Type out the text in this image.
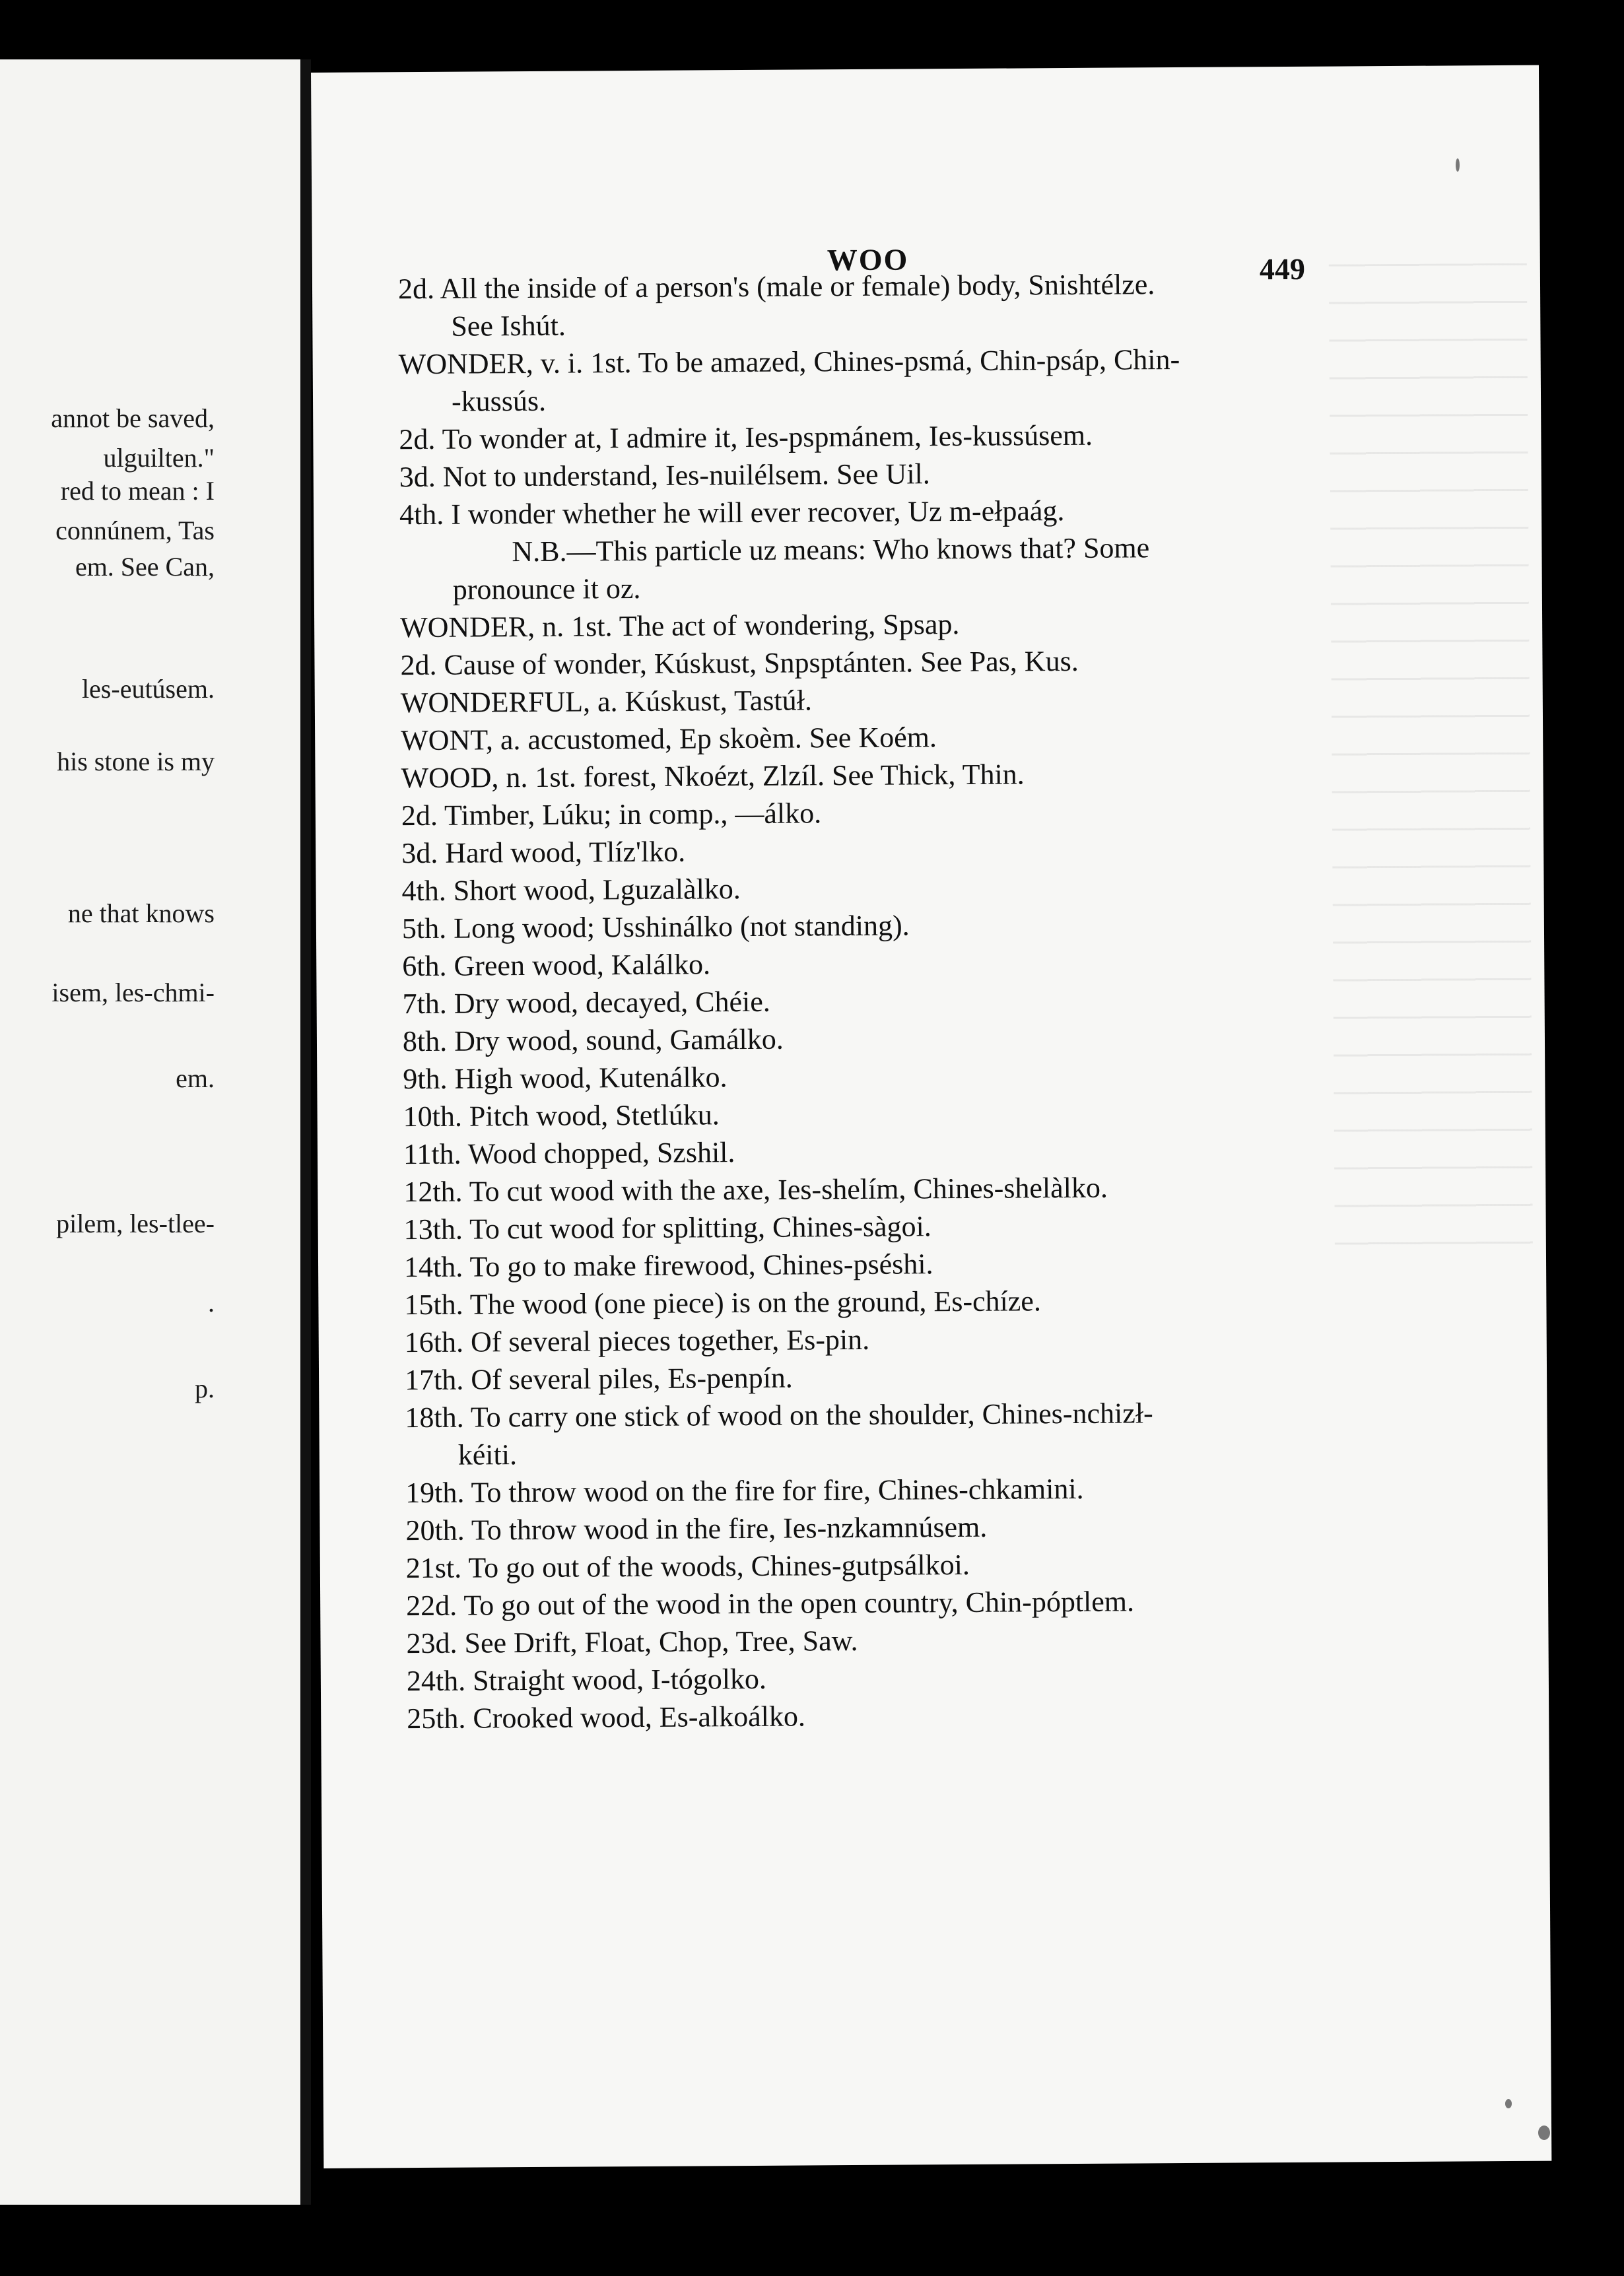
annot be saved,
ulguilten."
red to mean : I
connúnem, Tas
em. See Can,
les-eutúsem.
his stone is my
ne that knows
isem, les-chmi-
em.
pilem, les-tlee-
.
p.
WOO	449
2d. All the inside of a person's (male or female) body, Snishtélze.
See Ishút.
WONDER, v. i. 1st. To be amazed, Chines-psmá, Chin-psáp, Chin-
-kussús.
2d. To wonder at, I admire it, Ies-pspmánem, Ies-kussúsem.
3d. Not to understand, Ies-nuilélsem. See Uil.
4th. I wonder whether he will ever recover, Uz m-ełpaág.
N.B.—This particle uz means: Who knows that? Some
pronounce it oz.
WONDER, n. 1st. The act of wondering, Spsap.
2d. Cause of wonder, Kúskust, Snpsptánten. See Pas, Kus.
WONDERFUL, a. Kúskust, Tastúł.
WONT, a. accustomed, Ep skoèm. See Koém.
WOOD, n. 1st. forest, Nkoézt, Zlzíl. See Thick, Thin.
2d. Timber, Lúku; in comp., —álko.
3d. Hard wood, Tlíz'lko.
4th. Short wood, Lguzalàlko.
5th. Long wood; Usshinálko (not standing).
6th. Green wood, Kalálko.
7th. Dry wood, decayed, Chéie.
8th. Dry wood, sound, Gamálko.
9th. High wood, Kutenálko.
10th. Pitch wood, Stetlúku.
11th. Wood chopped, Szshil.
12th. To cut wood with the axe, Ies-shelím, Chines-shelàlko.
13th. To cut wood for splitting, Chines-sàgoi.
14th. To go to make firewood, Chines-pséshi.
15th. The wood (one piece) is on the ground, Es-chíze.
16th. Of several pieces together, Es-pin.
17th. Of several piles, Es-penpín.
18th. To carry one stick of wood on the shoulder, Chines-nchizł-
kéiti.
19th. To throw wood on the fire for fire, Chines-chkamini.
20th. To throw wood in the fire, Ies-nzkamnúsem.
21st. To go out of the woods, Chines-gutpsálkoi.
22d. To go out of the wood in the open country, Chin-póptlem.
23d. See Drift, Float, Chop, Tree, Saw.
24th. Straight wood, I-tógolko.
25th. Crooked wood, Es-alkoálko.
